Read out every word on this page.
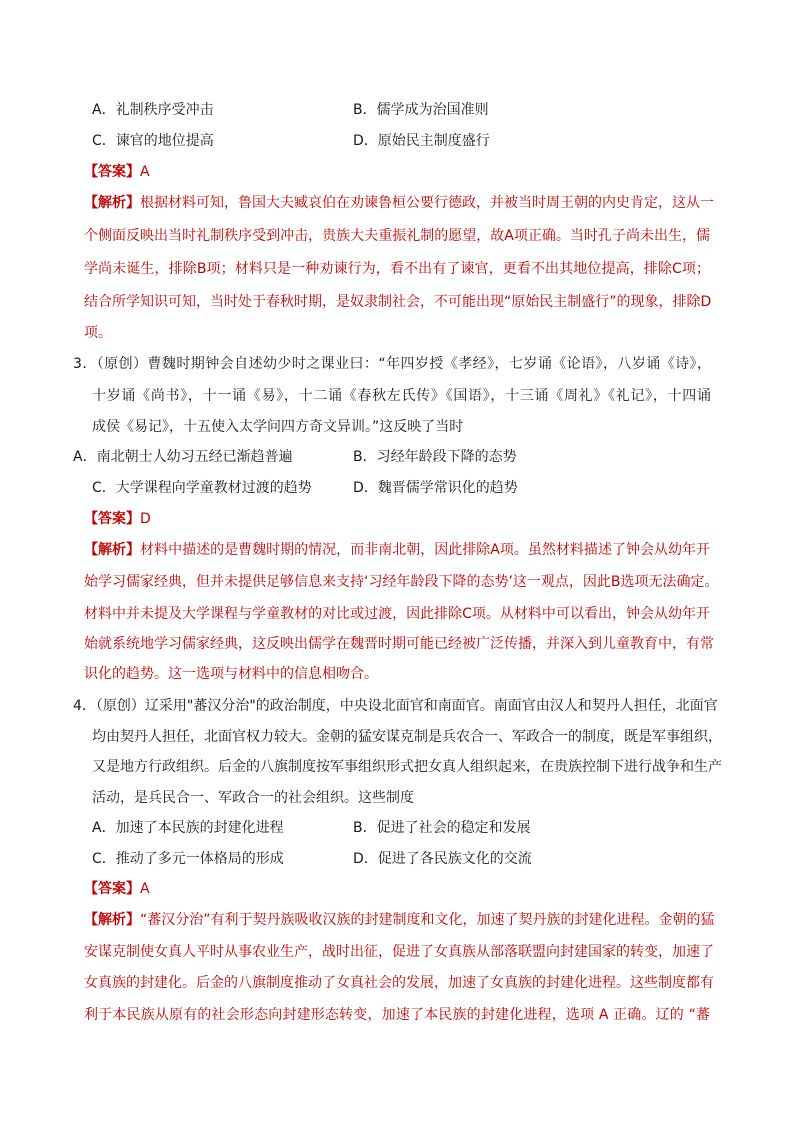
A．礼制秩序受冲击	B．儒学成为治国准则
C．谏官的地位提高	D．原始民主制度盛行
【答案】A
【解析】根据材料可知，鲁国大夫臧哀伯在劝谏鲁桓公要行德政，并被当时周王朝的内史肯定，这从一
个侧面反映出当时礼制秩序受到冲击，贵族大夫重振礼制的愿望，故A项正确。当时孔子尚未出生，儒
学尚未诞生，排除B项；材料只是一种劝谏行为，看不出有了谏官，更看不出其地位提高，排除C项；
结合所学知识可知，当时处于春秋时期，是奴隶制社会，不可能出现“原始民主制盛行”的现象，排除D
项。
3．（原创）曹魏时期钟会自述幼少时之课业曰：“年四岁授《孝经》，七岁诵《论语》，八岁诵《诗》，
十岁诵《尚书》，十一诵《易》，十二诵《春秋左氏传》《国语》，十三诵《周礼》《礼记》，十四诵
成侯《易记》，十五使入太学问四方奇文异训。”这反映了当时
A．南北朝士人幼习五经已渐趋普遍	B．习经年龄段下降的态势
C．大学课程向学童教材过渡的趋势	D．魏晋儒学常识化的趋势
【答案】D
【解析】材料中描述的是曹魏时期的情况，而非南北朝，因此排除A项。虽然材料描述了钟会从幼年开
始学习儒家经典，但并未提供足够信息来支持‘习经年龄段下降的态势’这一观点，因此B选项无法确定。
材料中并未提及大学课程与学童教材的对比或过渡，因此排除C项。从材料中可以看出，钟会从幼年开
始就系统地学习儒家经典，这反映出儒学在魏晋时期可能已经被广泛传播，并深入到儿童教育中，有常
识化的趋势。这一选项与材料中的信息相吻合。
4．（原创）辽采用"蕃汉分治"的政治制度，中央设北面官和南面官。南面官由汉人和契丹人担任，北面官
均由契丹人担任，北面官权力较大。金朝的猛安谋克制是兵农合一、军政合一的制度，既是军事组织，
又是地方行政组织。后金的八旗制度按军事组织形式把女真人组织起来，在贵族控制下进行战争和生产
活动，是兵民合一、军政合一的社会组织。这些制度
A．加速了本民族的封建化进程	B．促进了社会的稳定和发展
C．推动了多元一体格局的形成	D．促进了各民族文化的交流
【答案】A
【解析】“蕃汉分治”有利于契丹族吸收汉族的封建制度和文化，加速了契丹族的封建化进程。金朝的猛
安谋克制使女真人平时从事农业生产，战时出征，促进了女真族从部落联盟向封建国家的转变，加速了
女真族的封建化。后金的八旗制度推动了女真社会的发展，加速了女真族的封建化进程。这些制度都有
利于本民族从原有的社会形态向封建形态转变，加速了本民族的封建化进程，选项 A 正确。辽的 “蕃
